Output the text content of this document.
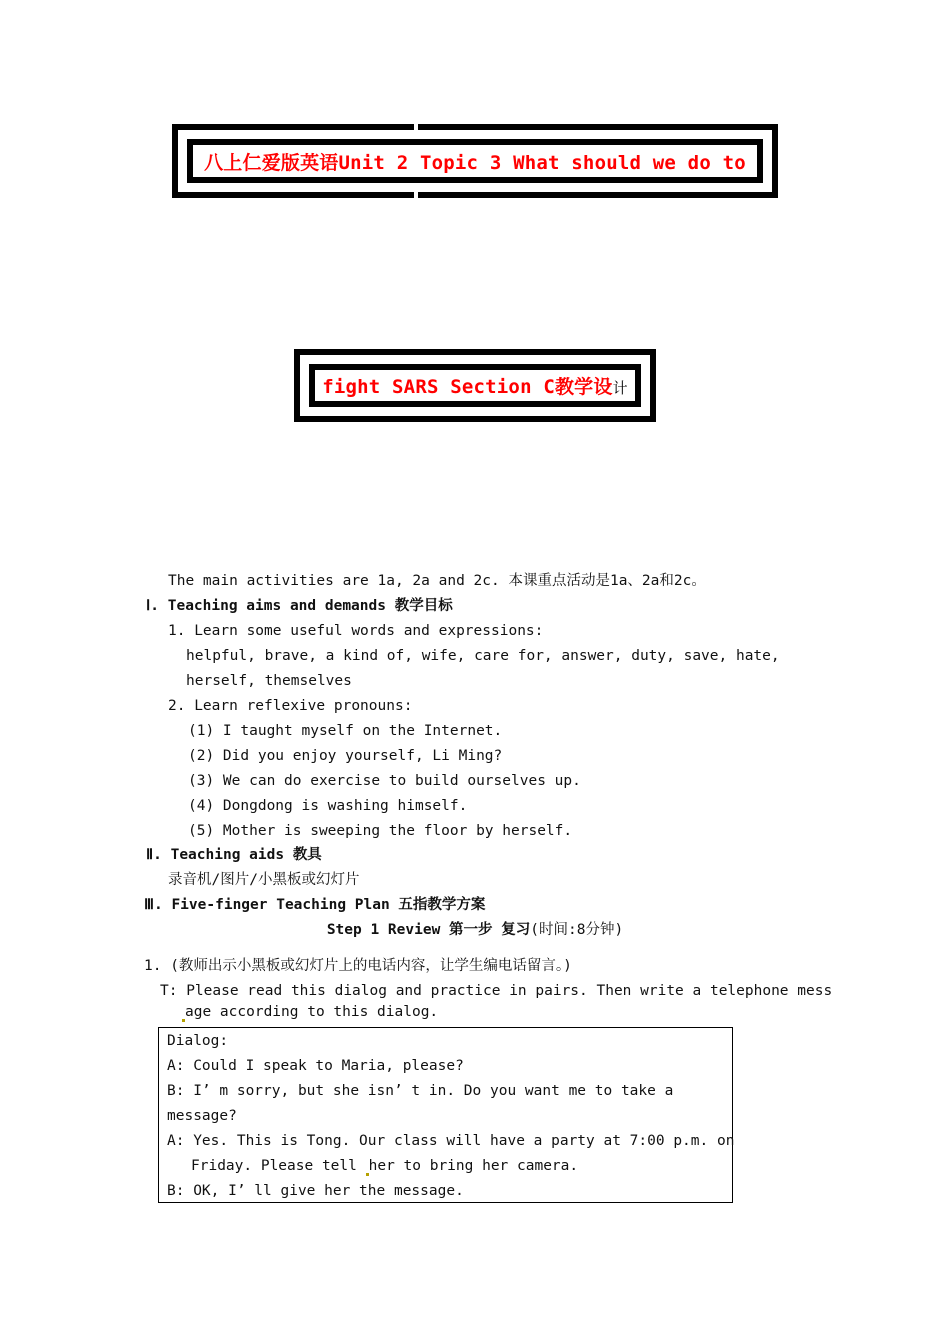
八上仁爱版英语Unit 2 Topic 3 What should we do to
fight SARS Section C教学设计
The main activities are 1a, 2a and 2c. 本课重点活动是1a、2a和2c。
Ⅰ. Teaching aims and demands 教学目标
1. Learn some useful words and expressions:
helpful, brave, a kind of, wife, care for, answer, duty, save, hate,
herself, themselves
2. Learn reflexive pronouns:
(1) I taught myself on the Internet.
(2) Did you enjoy yourself, Li Ming?
(3) We can do exercise to build ourselves up.
(4) Dongdong is washing himself.
(5) Mother is sweeping the floor by herself.
Ⅱ. Teaching aids 教具
录音机/图片/小黑板或幻灯片
Ⅲ. Five-finger Teaching Plan 五指教学方案
Step 1 Review 第一步 复习(时间:8分钟)
1. (教师出示小黑板或幻灯片上的电话内容，让学生编电话留言。)
T: Please read this dialog and practice in pairs. Then write a telephone mess
age according to this dialog.
Dialog:
A: Could I speak to Maria, please?
B: I’ m sorry, but she isn’ t in. Do you want me to take a
message?
A: Yes. This is Tong. Our class will have a party at 7:00 p.m. on
Friday. Please tell her to bring her camera.
B: OK, I’ ll give her the message.
